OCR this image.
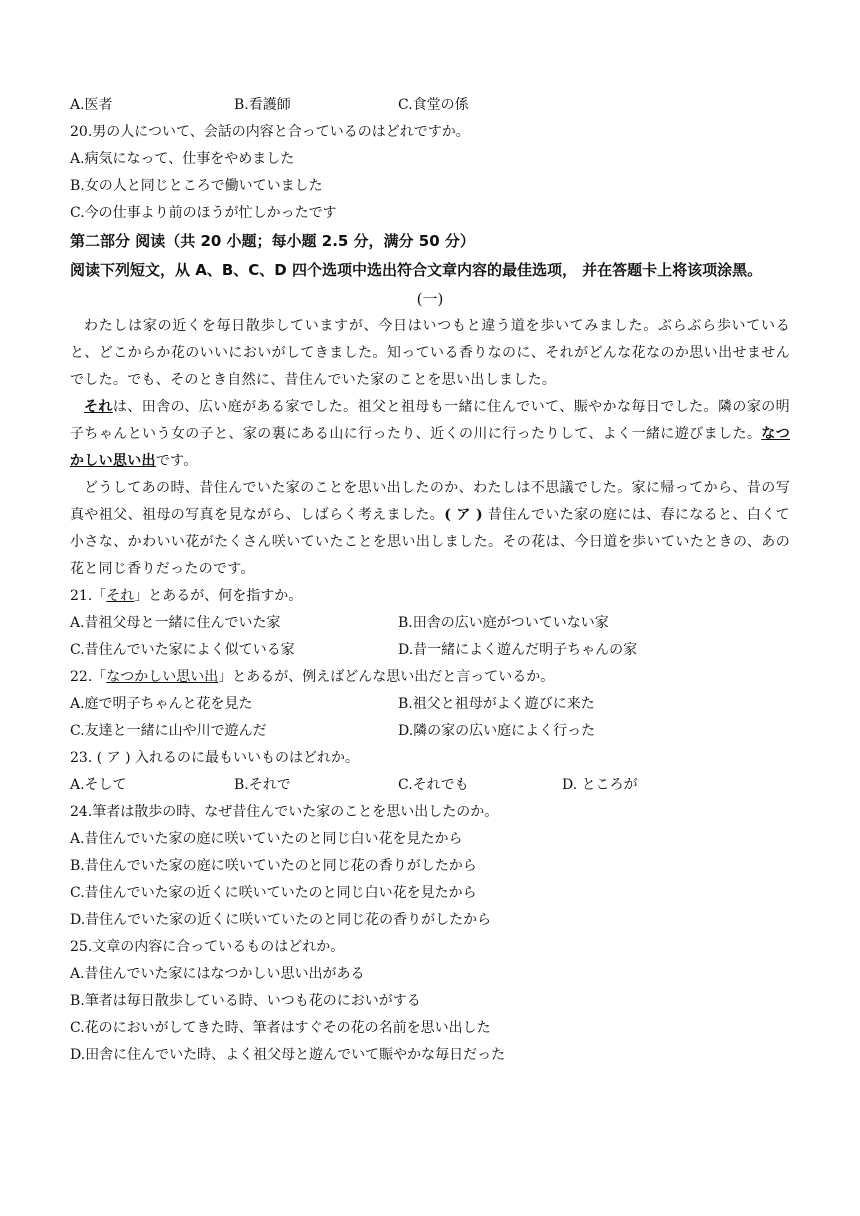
A.医者	B.看護師	C.食堂の係
20.男の人について、会話の内容と合っているのはどれですか。
A.病気になって、仕事をやめました
B.女の人と同じところで働いていました
C.今の仕事より前のほうが忙しかったです
第二部分 阅读（共 20 小题；每小题 2.5 分，满分 50 分）
阅读下列短文，从 A、B、C、D 四个选项中选出符合文章内容的最佳选项， 并在答题卡上将该项涂黑。
(一)
わたしは家の近くを毎日散歩していますが、今日はいつもと違う道を歩いてみました。ぶらぶら歩いていると、どこからか花のいいにおいがしてきました。知っている香りなのに、それがどんな花なのか思い出せませんでした。でも、そのとき自然に、昔住んでいた家のことを思い出しました。
それは、田舎の、広い庭がある家でした。祖父と祖母も一緒に住んでいて、賑やかな毎日でした。隣の家の明子ちゃんという女の子と、家の裏にある山に行ったり、近くの川に行ったりして、よく一緒に遊びました。なつかしい思い出です。
どうしてあの時、昔住んでいた家のことを思い出したのか、わたしは不思議でした。家に帰ってから、昔の写真や祖父、祖母の写真を見ながら、しばらく考えました。( ア ) 昔住んでいた家の庭には、春になると、白くて小さな、かわいい花がたくさん咲いていたことを思い出しました。その花は、今日道を歩いていたときの、あの花と同じ香りだったのです。
21.「それ」とあるが、何を指すか。
A.昔祖父母と一緒に住んでいた家	B.田舎の広い庭がついていない家
C.昔住んでいた家によく似ている家	D.昔一緒によく遊んだ明子ちゃんの家
22.「なつかしい思い出」とあるが、例えばどんな思い出だと言っているか。
A.庭で明子ちゃんと花を見た	B.祖父と祖母がよく遊びに来た
C.友達と一緒に山や川で遊んだ	D.隣の家の広い庭によく行った
23. ( ア ) 入れるのに最もいいものはどれか。
A.そして	B.それで	C.それでも	D. ところが
24.筆者は散歩の時、なぜ昔住んでいた家のことを思い出したのか。
A.昔住んでいた家の庭に咲いていたのと同じ白い花を見たから
B.昔住んでいた家の庭に咲いていたのと同じ花の香りがしたから
C.昔住んでいた家の近くに咲いていたのと同じ白い花を見たから
D.昔住んでいた家の近くに咲いていたのと同じ花の香りがしたから
25.文章の内容に合っているものはどれか。
A.昔住んでいた家にはなつかしい思い出がある
B.筆者は毎日散歩している時、いつも花のにおいがする
C.花のにおいがしてきた時、筆者はすぐその花の名前を思い出した
D.田舎に住んでいた時、よく祖父母と遊んでいて賑やかな毎日だった
